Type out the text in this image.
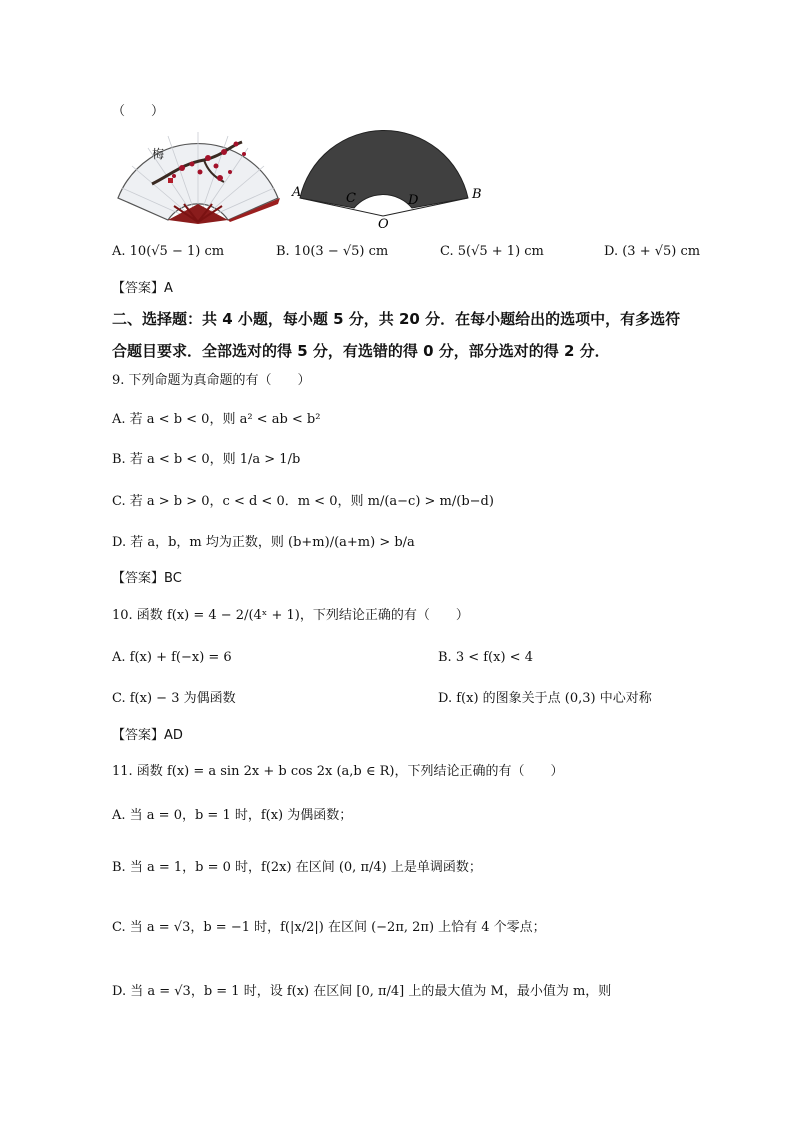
（　　）
梅
A	B
C	D
O
A. 10(√5 − 1) cm	B. 10(3 − √5) cm	C. 5(√5 + 1) cm	D. (3 + √5) cm
【答案】A
二、选择题：共 4 小题，每小题 5 分，共 20 分．在每小题给出的选项中，有多选符
合题目要求．全部选对的得 5 分，有选错的得 0 分，部分选对的得 2 分．
9. 下列命题为真命题的有（　　）
A. 若 a < b < 0，则 a² < ab < b²
B. 若 a < b < 0，则 1/a > 1/b
C. 若 a > b > 0，c < d < 0．m < 0，则 m/(a−c) > m/(b−d)
D. 若 a，b，m 均为正数，则 (b+m)/(a+m) > b/a
【答案】BC
10. 函数 f(x) = 4 − 2/(4ˣ + 1)，下列结论正确的有（　　）
A. f(x) + f(−x) = 6	B. 3 < f(x) < 4
C. f(x) − 3 为偶函数	D. f(x) 的图象关于点 (0,3) 中心对称
【答案】AD
11. 函数 f(x) = a sin 2x + b cos 2x (a,b ∈ R)，下列结论正确的有（　　）
A. 当 a = 0，b = 1 时，f(x) 为偶函数；
B. 当 a = 1，b = 0 时，f(2x) 在区间 (0, π/4) 上是单调函数；
C. 当 a = √3，b = −1 时，f(|x/2|) 在区间 (−2π, 2π) 上恰有 4 个零点；
D. 当 a = √3，b = 1 时，设 f(x) 在区间 [0, π/4] 上的最大值为 M，最小值为 m，则
